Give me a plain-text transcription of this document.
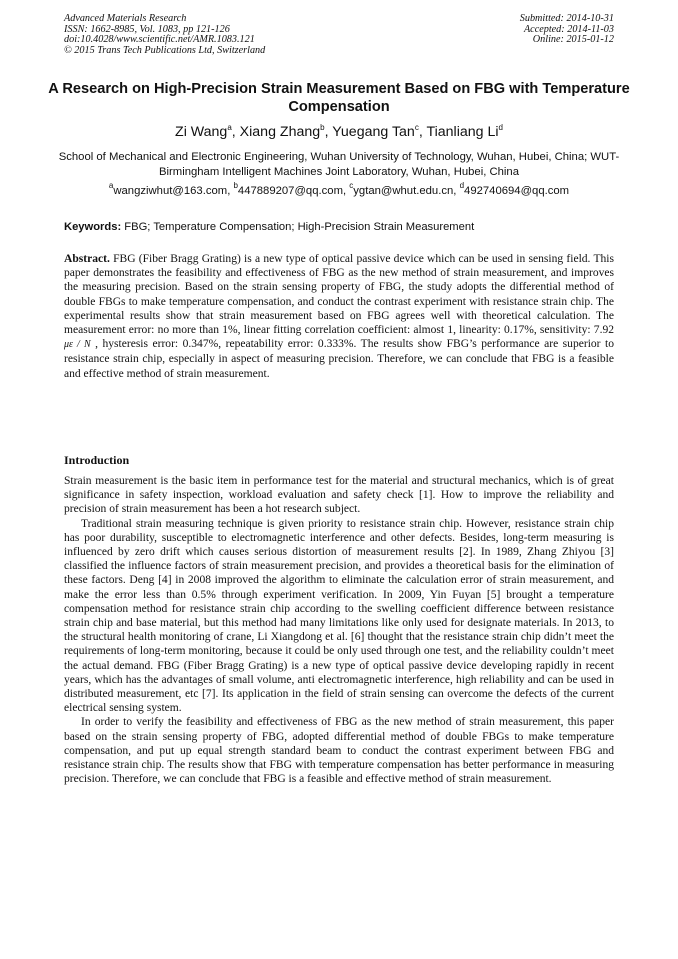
Advanced Materials Research
ISSN: 1662-8985, Vol. 1083, pp 121-126
doi:10.4028/www.scientific.net/AMR.1083.121
© 2015 Trans Tech Publications Ltd, Switzerland
Submitted: 2014-10-31
Accepted: 2014-11-03
Online: 2015-01-12
A Research on High-Precision Strain Measurement Based on FBG with Temperature Compensation
Zi Wang$^a$, Xiang Zhang$^b$, Yuegang Tan$^c$, Tianliang Li$^d$
School of Mechanical and Electronic Engineering, Wuhan University of Technology, Wuhan, Hubei, China; WUT- Birmingham Intelligent Machines Joint Laboratory, Wuhan, Hubei, China
$^a$wangziwhut@163.com, $^b$447889207@qq.com, $^c$ygtan@whut.edu.cn, $^d$492740694@qq.com
Keywords: FBG; Temperature Compensation; High-Precision Strain Measurement
Abstract. FBG (Fiber Bragg Grating) is a new type of optical passive device which can be used in sensing field. This paper demonstrates the feasibility and effectiveness of FBG as the new method of strain measurement, and improves the measuring precision. Based on the strain sensing property of FBG, the study adopts the differential method of double FBGs to make temperature compensation, and conduct the contrast experiment with resistance strain chip. The experimental results show that strain measurement based on FBG agrees well with theoretical calculation. The measurement error: no more than 1%, linear fitting correlation coefficient: almost 1, linearity: 0.17%, sensitivity: 7.92 με / N , hysteresis error: 0.347%, repeatability error: 0.333%. The results show FBG’s performance are superior to resistance strain chip, especially in aspect of measuring precision. Therefore, we can conclude that FBG is a feasible and effective method of strain measurement.
Introduction

Strain measurement is the basic item in performance test for the material and structural mechanics, which is of great significance in safety inspection, workload evaluation and safety check [1]. How to improve the reliability and precision of strain measurement has been a hot research subject.

Traditional strain measuring technique is given priority to resistance strain chip. However, resistance strain chip has poor durability, susceptible to electromagnetic interference and other defects. Besides, long-term measuring is influenced by zero drift which causes serious distortion of measurement results [2]. In 1989, Zhang Zhiyou [3] classified the influence factors of strain measurement precision, and provides a theoretical basis for the elimination of these factors. Deng [4] in 2008 improved the algorithm to eliminate the calculation error of strain measurement, and make the error less than 0.5% through experiment verification. In 2009, Yin Fuyan [5] brought a temperature compensation method for resistance strain chip according to the swelling coefficient difference between resistance strain chip and base material, but this method had many limitations like only used for designate materials. In 2013, to the structural health monitoring of crane, Li Xiangdong et al. [6] thought that the resistance strain chip didn’t meet the requirements of long-term monitoring, because it could be only used through one test, and the reliability couldn’t meet the actual demand. FBG (Fiber Bragg Grating) is a new type of optical passive device developing rapidly in recent years, which has the advantages of small volume, anti electromagnetic interference, high reliability and can be used in distributed measurement, etc [7]. Its application in the field of strain sensing can overcome the defects of the current electrical sensing system.

In order to verify the feasibility and effectiveness of FBG as the new method of strain measurement, this paper based on the strain sensing property of FBG, adopted differential method of double FBGs to make temperature compensation, and put up equal strength standard beam to conduct the contrast experiment between FBG and resistance strain chip. The results show that FBG with temperature compensation has better performance in measuring precision. Therefore, we can conclude that FBG is a feasible and effective method of strain measurement.
